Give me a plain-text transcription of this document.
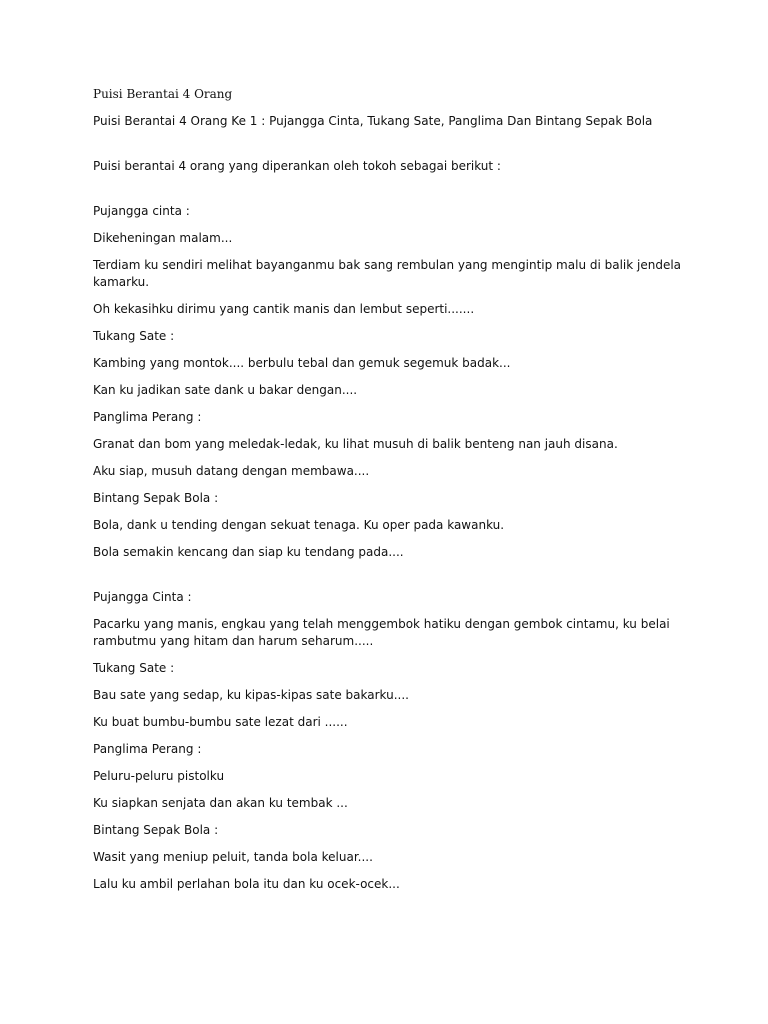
Puisi Berantai 4 Orang

Puisi Berantai 4 Orang Ke 1 : Pujangga Cinta, Tukang Sate, Panglima Dan Bintang Sepak Bola

Puisi berantai 4 orang yang diperankan oleh tokoh sebagai berikut :

Pujangga cinta :

Dikeheningan malam...

Terdiam ku sendiri melihat bayanganmu bak sang rembulan yang mengintip malu di balik jendela kamarku.

Oh kekasihku dirimu yang cantik manis dan lembut seperti.......

Tukang Sate :

Kambing yang montok.... berbulu tebal dan gemuk segemuk badak...

Kan ku jadikan sate dank u bakar dengan....

Panglima Perang :

Granat dan bom yang meledak-ledak, ku lihat musuh di balik benteng nan jauh disana.

Aku siap, musuh datang dengan membawa....

Bintang Sepak Bola :

Bola, dank u tending dengan sekuat tenaga. Ku oper pada kawanku.

Bola semakin kencang dan siap ku tendang pada....

Pujangga Cinta :

Pacarku yang manis, engkau yang telah menggembok hatiku dengan gembok cintamu, ku belai rambutmu yang hitam dan harum seharum.....

Tukang Sate :

Bau sate yang sedap, ku kipas-kipas sate bakarku....

Ku buat bumbu-bumbu sate lezat dari ......

Panglima Perang :

Peluru-peluru pistolku

Ku siapkan senjata dan akan ku tembak ...

Bintang Sepak Bola :

Wasit yang meniup peluit, tanda bola keluar....

Lalu ku ambil perlahan bola itu dan ku ocek-ocek...
